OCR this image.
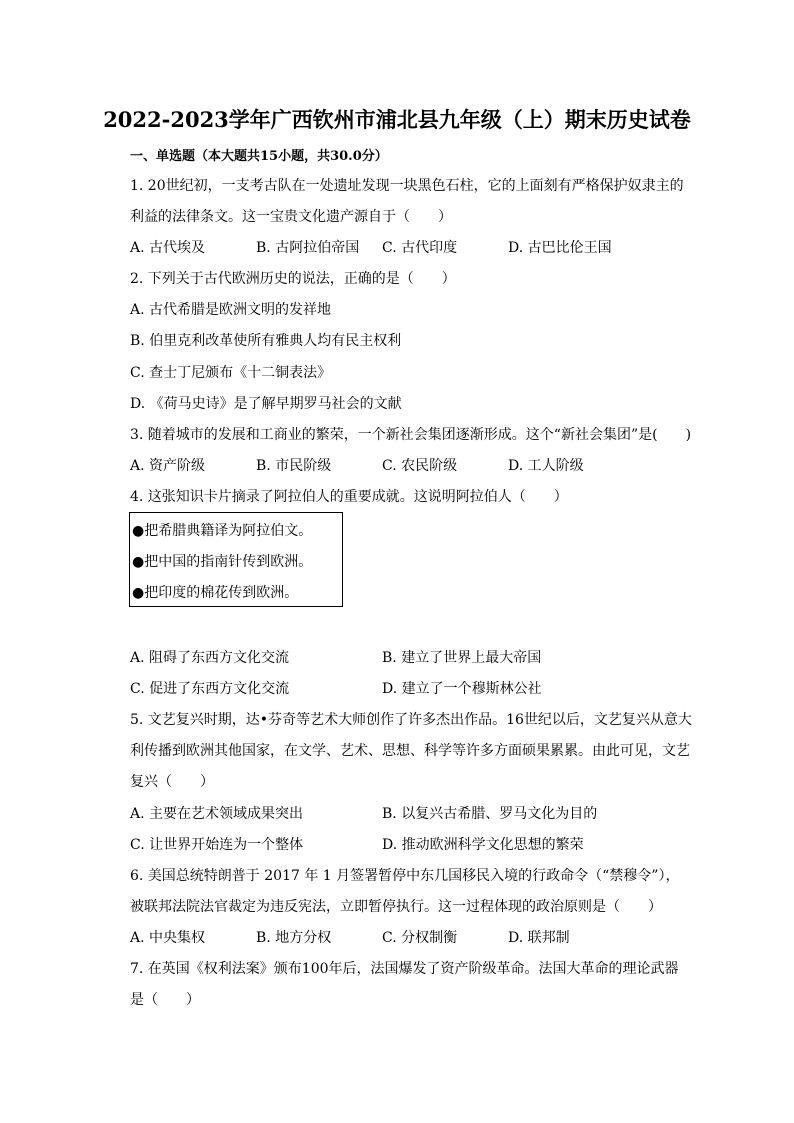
2022-2023学年广西钦州市浦北县九年级（上）期末历史试卷
一、单选题（本大题共15小题，共30.0分）
1. 20世纪初，一支考古队在一处遗址发现一块黑色石柱，它的上面刻有严格保护奴隶主的
利益的法律条文。这一宝贵文化遗产源自于（　　）
A. 古代埃及	B. 古阿拉伯帝国 C. 古代印度	D. 古巴比伦王国
2. 下列关于古代欧洲历史的说法，正确的是（　　）
A. 古代希腊是欧洲文明的发祥地
B. 伯里克利改革使所有雅典人均有民主权利
C. 查士丁尼颁布《十二铜表法》
D. 《荷马史诗》是了解早期罗马社会的文献
3. 随着城市的发展和工商业的繁荣，一个新社会集团逐渐形成。这个“新社会集团”是(　　)
A. 资产阶级	B. 市民阶级	C. 农民阶级	D. 工人阶级
4. 这张知识卡片摘录了阿拉伯人的重要成就。这说明阿拉伯人（　　）
●把希腊典籍译为阿拉伯文。
●把中国的指南针传到欧洲。
●把印度的棉花传到欧洲。
A. 阻碍了东西方文化交流	B. 建立了世界上最大帝国
C. 促进了东西方文化交流	D. 建立了一个穆斯林公社
5. 文艺复兴时期，达•芬奇等艺术大师创作了许多杰出作品。16世纪以后，文艺复兴从意大
利传播到欧洲其他国家，在文学、艺术、思想、科学等许多方面硕果累累。由此可见，文艺
复兴（　　）
A. 主要在艺术领域成果突出	B. 以复兴古希腊、罗马文化为目的
C. 让世界开始连为一个整体	D. 推动欧洲科学文化思想的繁荣
6. 美国总统特朗普于 2017 年 1 月签署暂停中东几国移民入境的行政命令（“禁穆令”），
被联邦法院法官裁定为违反宪法，立即暂停执行。这一过程体现的政治原则是（　　）
A. 中央集权	B. 地方分权	C. 分权制衡	D. 联邦制
7. 在英国《权利法案》颁布100年后，法国爆发了资产阶级革命。法国大革命的理论武器
是（　　）
